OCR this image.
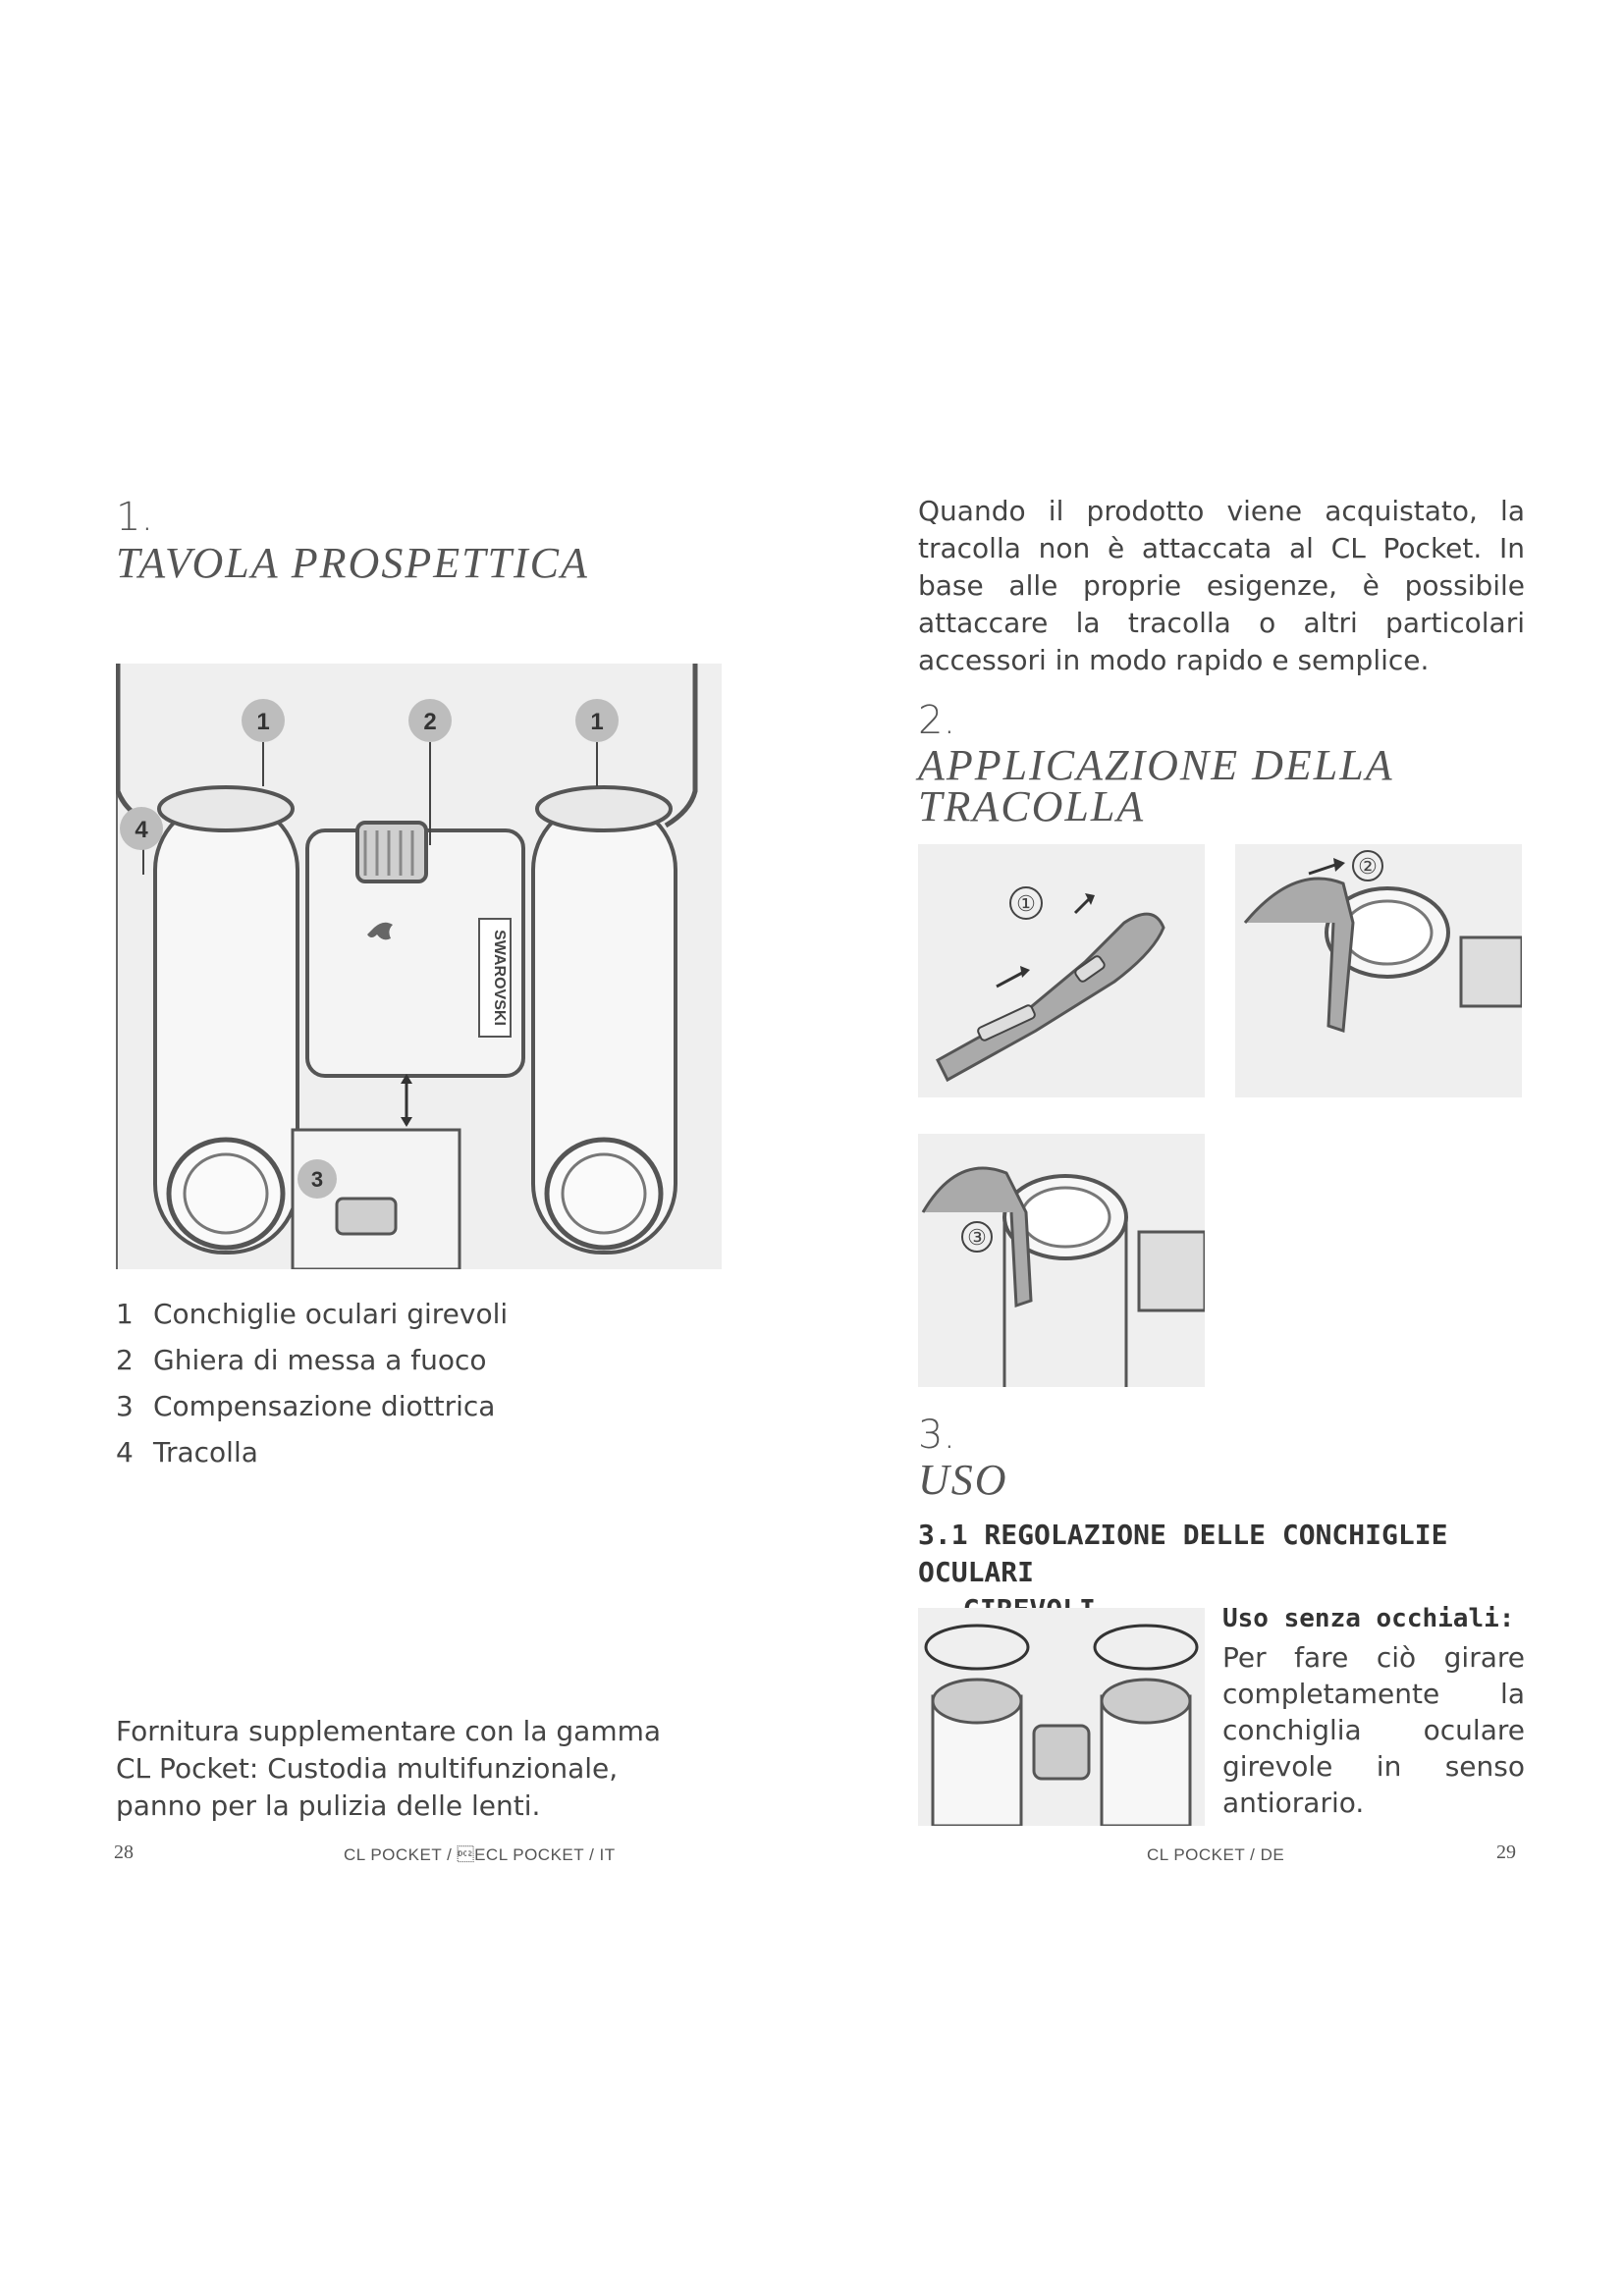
1.
TAVOLA PROSPETTICA
SWAROVSKI
1	2	1
4
3
1 Conchiglie oculari girevoli
2 Ghiera di messa a fuoco
3 Compensazione diottrica
4 Tracolla
Fornitura supplementare con la gamma
CL Pocket: Custodia multifunzionale,
panno per la pulizia delle lenti.
28	CL POCKET / ECL POCKET / IT
Quando il prodotto viene acquistato, la tracolla non è attaccata al CL Pocket. In base alle proprie esigenze, è possibile attaccare la tracolla o altri particolari accessori in modo rapido e semplice.
2.
APPLICAZIONE DELLA
TRACOLLA
①
②
③
3.
USO
3.1 REGOLAZIONE DELLE CONCHIGLIE OCULARI
Uso senza occhiali:
Per fare ciò girare completamente la conchiglia oculare girevole in senso antiorario.
CL POCKET / DE	29
